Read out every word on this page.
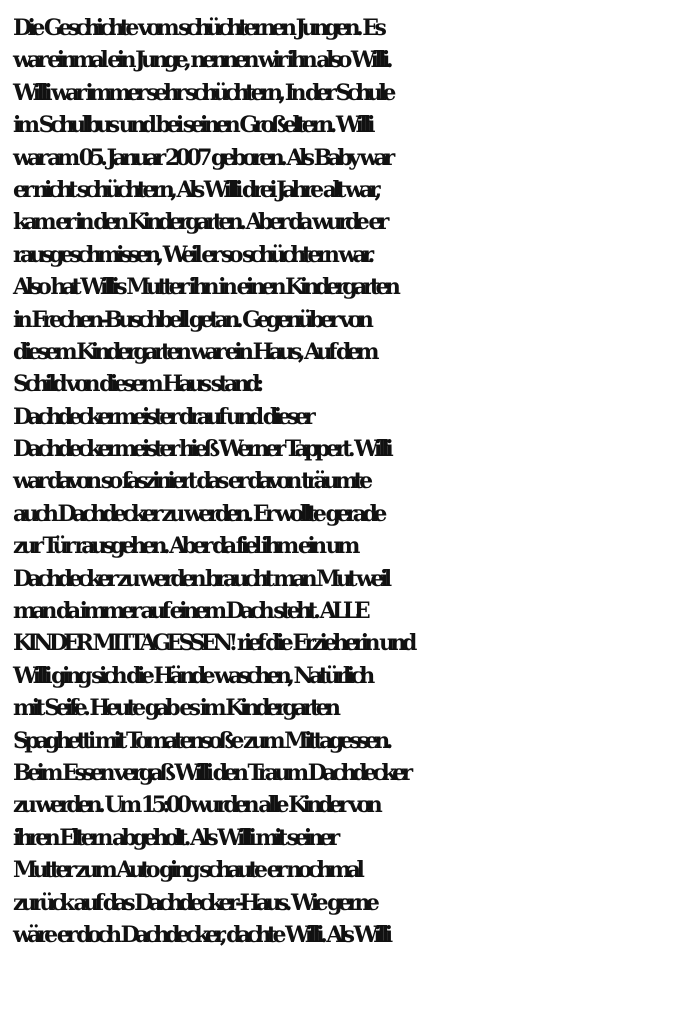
Die Geschichte vom schüchternen Jungen. Es
war einmal ein Junge, nennen wir ihn also Willi.
Willi war immer sehr schüchtern, In der Schule
im Schulbus und bei seinen Großeltern. Willi
war am 05. Januar 2007 geboren. Als Baby war
er nicht schüchtern, Als Willi drei Jahre alt war,
kam er in den Kindergarten. Aber da wurde er
rausgeschmissen, Weil er so schüchtern war.
Also hat Willis Mutter ihn in einen Kindergarten
in Frechen-Buschbell getan. Gegenüber von
diesem Kindergarten war ein Haus, Auf dem
Schild von diesem Haus stand:
Dachdeckermeister drauf und dieser
Dachdeckermeister hieß Werner Tappert. Willi
war davon so fasziniert das er davon träumte
auch Dachdecker zu werden. Er wollte gerade
zur Tür rausgehen. Aber da fiel ihm ein um
Dachdecker zu werden braucht man Mut weil
man da immer auf einem Dach steht. ALLE
KINDER MITTAGESSEN! rief die Erzieherin und
Willi ging sich die Hände waschen, Natürlich
mit Seife. Heute gab es im Kindergarten
Spaghetti mit Tomatensoße zum Mittagessen.
Beim Essen vergaß Willi den Traum Dachdecker
zu werden. Um 15:00 wurden alle Kinder von
ihren Eltern abgeholt. Als Willi mit seiner
Mutter zum Auto ging schaute er nochmal
zurück auf das Dachdecker-Haus. Wie gerne
wäre er doch Dachdecker, dachte Willi. Als Willi
